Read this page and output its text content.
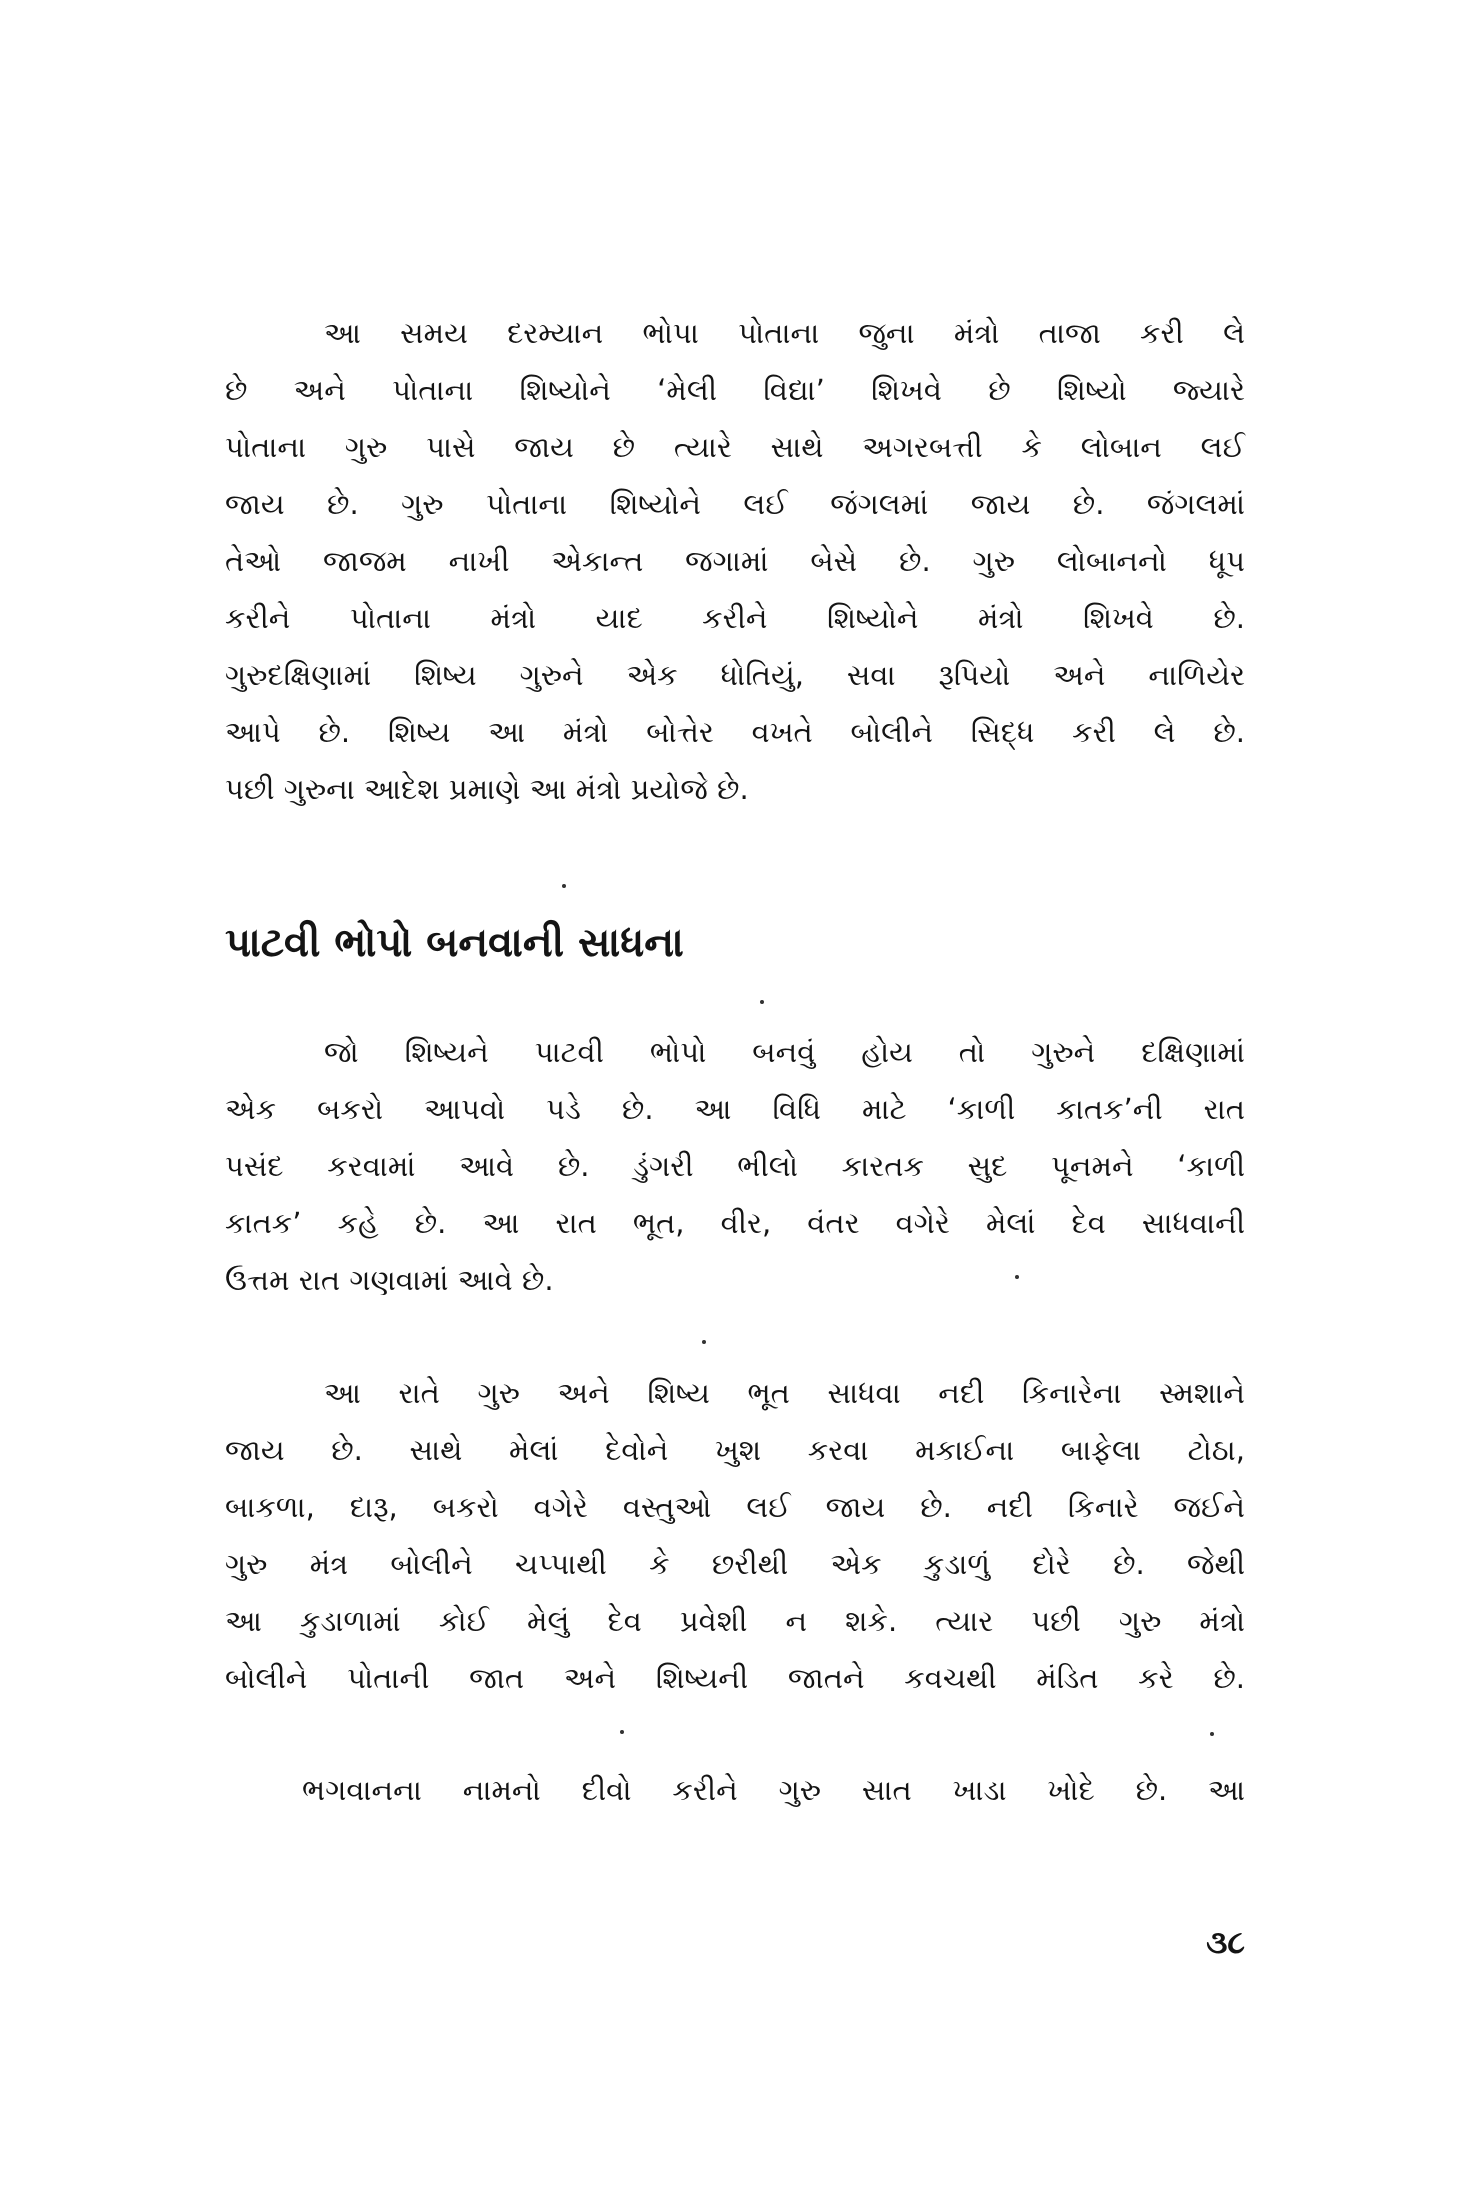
આ સમય દરમ્યાન ભોપા પોતાના જુના મંત્રો તાજા કરી લે
છે અને પોતાના શિષ્યોને ‘મેલી વિદ્યા’ શિખવે છે શિષ્યો જ્યારે
પોતાના ગુરુ પાસે જાય છે ત્યારે સાથે અગરબત્તી કે લોબાન લઈ
જાય છે. ગુરુ પોતાના શિષ્યોને લઈ જંગલમાં જાય છે. જંગલમાં
તેઓ જાજમ નાખી એકાન્ત જગામાં બેસે છે. ગુરુ લોબાનનો ધૂપ
કરીને પોતાના મંત્રો યાદ કરીને શિષ્યોને મંત્રો શિખવે છે.
ગુરુદક્ષિણામાં શિષ્ય ગુરુને એક ધોતિયું, સવા રૂપિયો અને નાળિયેર
આપે છે. શિષ્ય આ મંત્રો બોત્તેર વખતે બોલીને સિદ્ધ કરી લે છે.
પછી ગુરુના આદેશ પ્રમાણે આ મંત્રો પ્રયોજે છે.
પાટવી ભોપો બનવાની સાધના
જો શિષ્યને પાટવી ભોપો બનવું હોય તો ગુરુને દક્ષિણામાં
એક બકરો આપવો પડે છે. આ વિધિ માટે ‘કાળી કાતક’ની રાત
પસંદ કરવામાં આવે છે. ડુંગરી ભીલો કારતક સુદ પૂનમને ‘કાળી
કાતક’ કહે છે. આ રાત ભૂત, વીર, વંતર વગેરે મેલાં દેવ સાધવાની
ઉત્તમ રાત ગણવામાં આવે છે.
આ રાતે ગુરુ અને શિષ્ય ભૂત સાધવા નદી કિનારેના સ્મશાને
જાય છે. સાથે મેલાં દેવોને ખુશ કરવા મકાઈના બાફેલા ટોઠા,
બાકળા, દારૂ, બકરો વગેરે વસ્તુઓ લઈ જાય છે. નદી કિનારે જઈને
ગુરુ મંત્ર બોલીને ચપ્પાથી કે છરીથી એક કુડાળું દોરે છે. જેથી
આ કુડાળામાં કોઈ મેલું દેવ પ્રવેશી ન શકે. ત્યાર પછી ગુરુ મંત્રો
બોલીને પોતાની જાત અને શિષ્યની જાતને કવચથી મંડિત કરે છે.
ભગવાનના નામનો દીવો કરીને ગુરુ સાત ખાડા ખોદે છે. આ
૩૮
